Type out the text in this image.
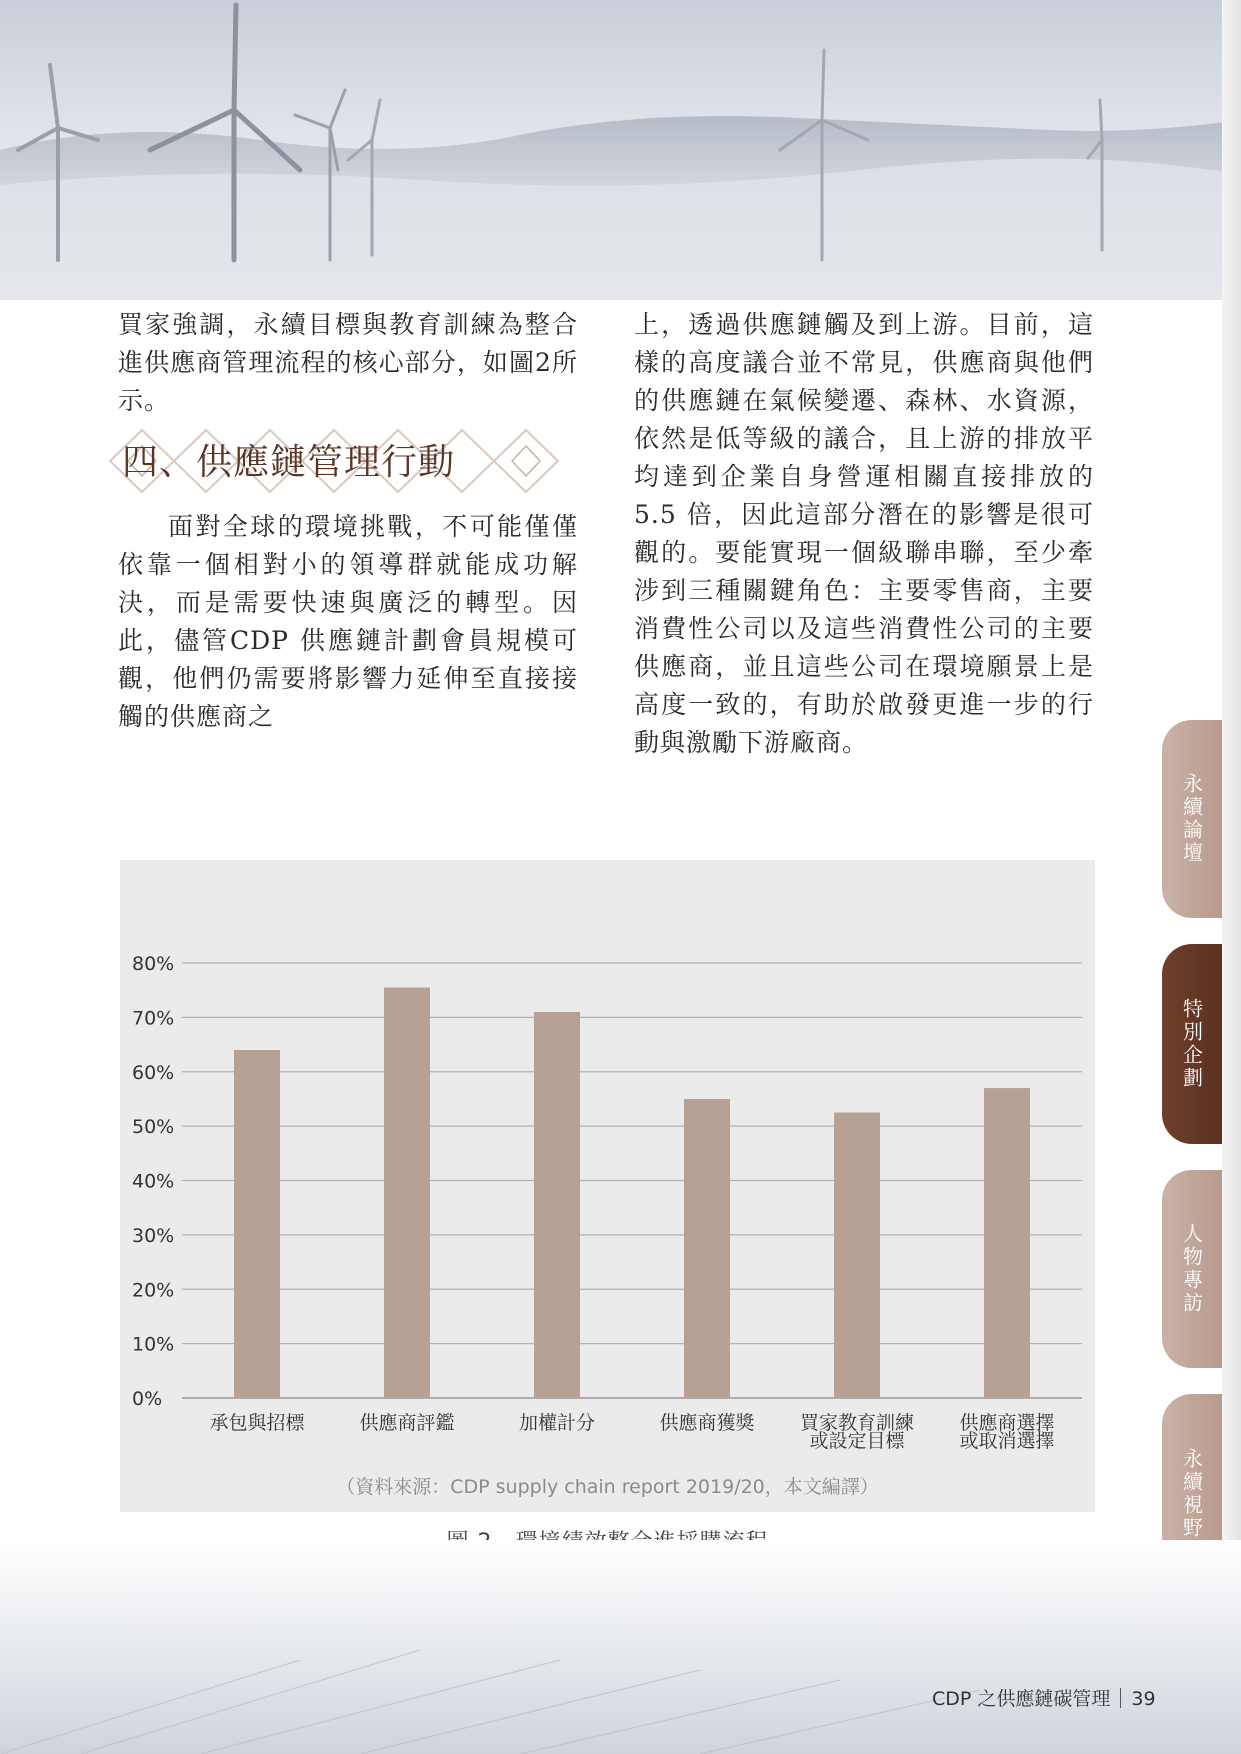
買家強調，永續目標與教育訓練為整合進供應商管理流程的核心部分，如圖2所示。

四、供應鏈管理行動

面對全球的環境挑戰，不可能僅僅依靠一個相對小的領導群就能成功解決，而是需要快速與廣泛的轉型。因此，儘管CDP 供應鏈計劃會員規模可觀，他們仍需要將影響力延伸至直接接觸的供應商之

上，透過供應鏈觸及到上游。目前，這樣的高度議合並不常見，供應商與他們的供應鏈在氣候變遷、森林、水資源，依然是低等級的議合，且上游的排放平均達到企業自身營運相關直接排放的 5.5 倍，因此這部分潛在的影響是很可觀的。要能實現一個級聯串聯，至少牽涉到三種關鍵角色：主要零售商，主要消費性公司以及這些消費性公司的主要供應商，並且這些公司在環境願景上是高度一致的，有助於啟發更進一步的行動與激勵下游廠商。

0%
10%
20%
30%
40%
50%
60%
70%
80%
承包與招標	供應商評鑑	加權計分	供應商獲獎 買家教育訓練
或設定目標
供應商選擇
或取消選擇
（資料來源：CDP supply chain report 2019/20，本文編譯）
永續論壇
特別企劃
人物專訪
永續視野
CDP 之供應鏈碳管理 39
